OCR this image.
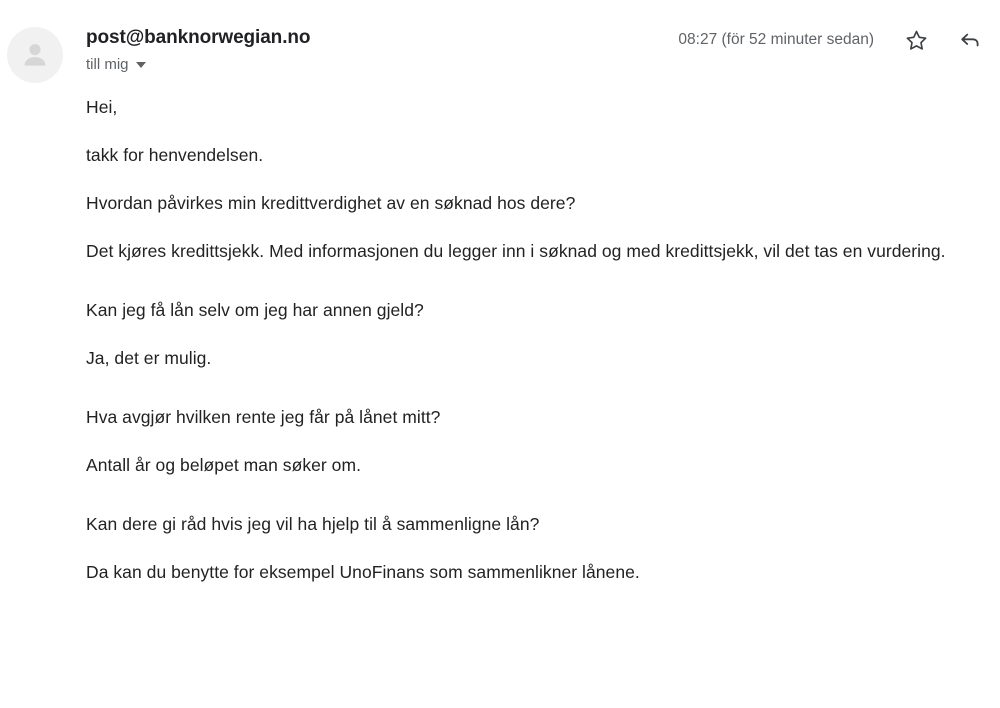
post@banknorwegian.no
till mig
08:27 (för 52 minuter sedan)

Hei,

takk for henvendelsen.

Hvordan påvirkes min kredittverdighet av en søknad hos dere?

Det kjøres kredittsjekk. Med informasjonen du legger inn i søknad og med kredittsjekk, vil det tas en vurdering.

Kan jeg få lån selv om jeg har annen gjeld?

Ja, det er mulig.

Hva avgjør hvilken rente jeg får på lånet mitt?

Antall år og beløpet man søker om.

Kan dere gi råd hvis jeg vil ha hjelp til å sammenligne lån?

Da kan du benytte for eksempel UnoFinans som sammenlikner lånene.
